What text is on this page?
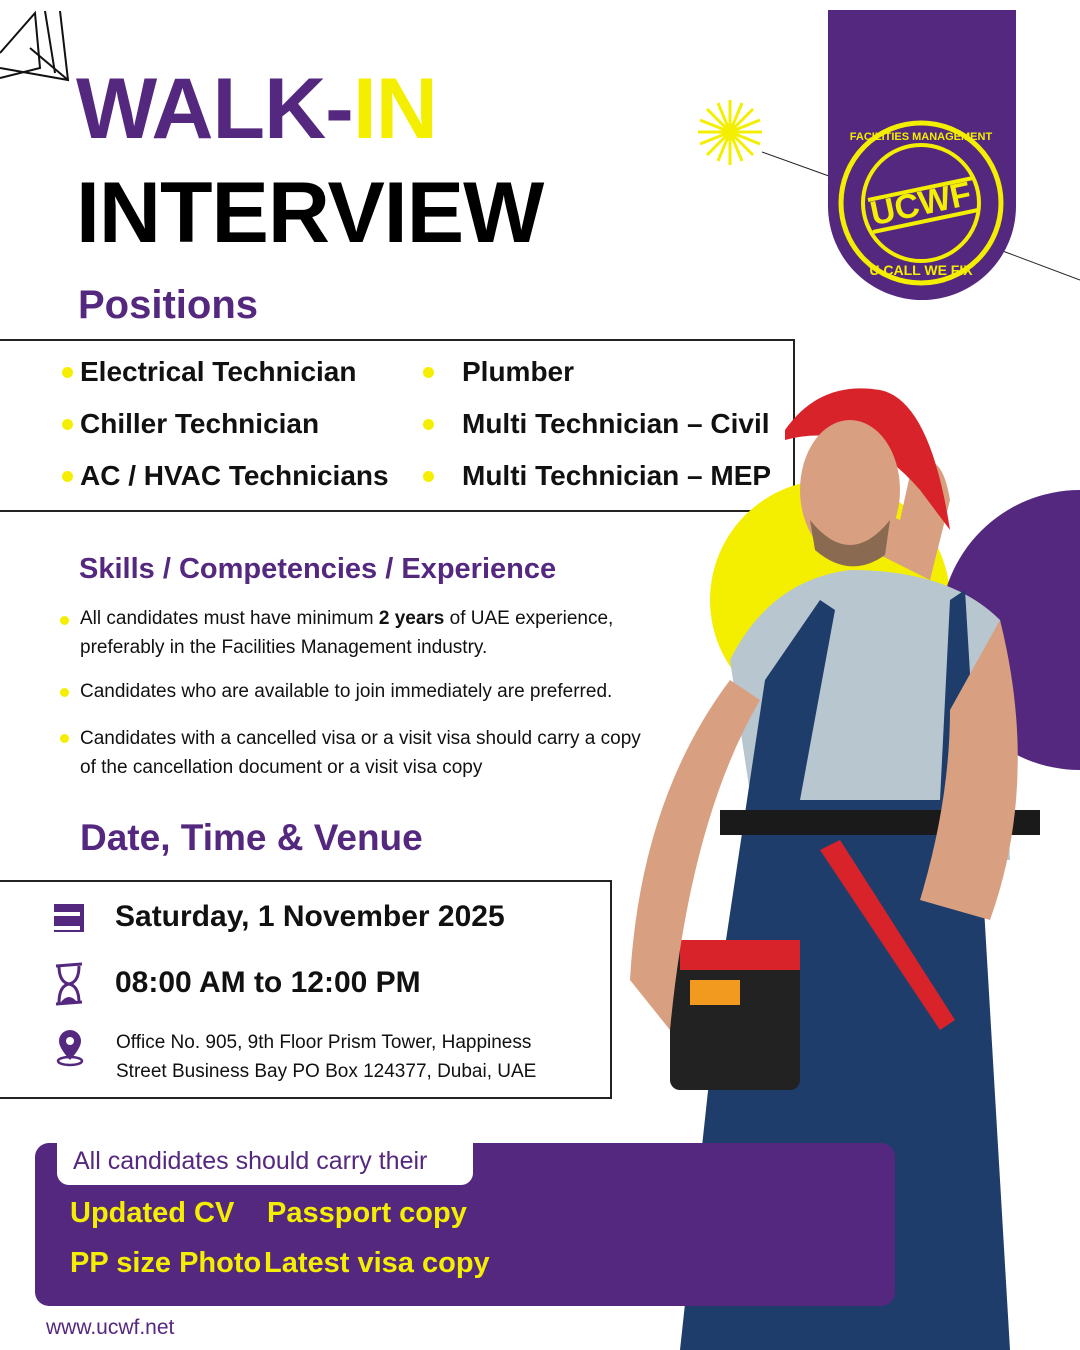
WALK-IN
INTERVIEW	UCWF
FACILITIES MANAGEMENT
U CALL WE FIX
Positions
Electrical Technician
Chiller Technician
AC / HVAC Technicians
Plumber
Multi Technician – Civil
Multi Technician – MEP
Skills / Competencies / Experience
All candidates must have minimum 2 years of UAE experience,
preferably in the Facilities Management industry.
Candidates who are available to join immediately are preferred.
Candidates with a cancelled visa or a visit visa should carry a copy
of the cancellation document or a visit visa copy
Date, Time & Venue
Saturday, 1 November 2025
08:00 AM to 12:00 PM
Office No. 905, 9th Floor Prism Tower, Happiness
Street Business Bay PO Box 124377, Dubai, UAE
All candidates should carry their
Updated CV Passport copy
PP size Photo Latest visa copy
www.ucwf.net
